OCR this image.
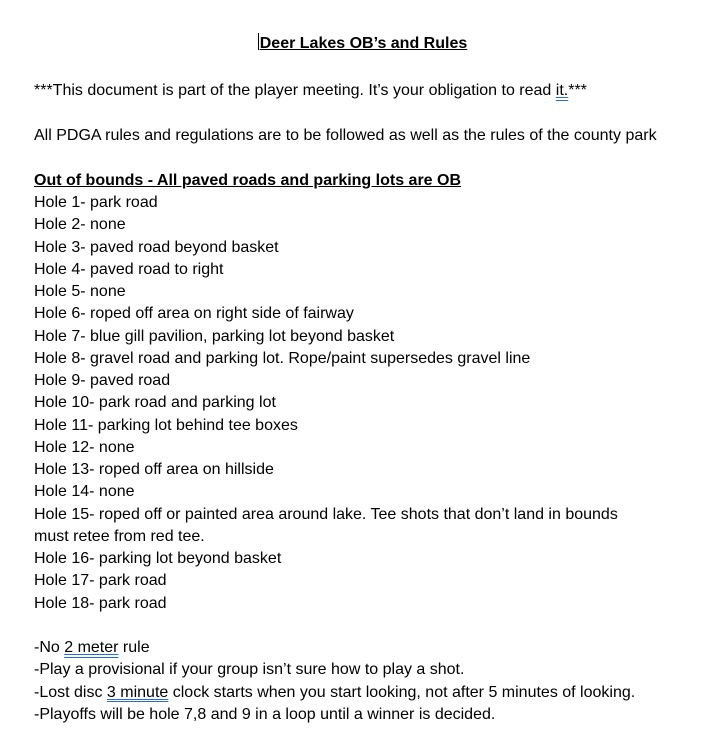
Deer Lakes OB’s and Rules
***This document is part of the player meeting. It’s your obligation to read it.***
All PDGA rules and regulations are to be followed as well as the rules of the county park
Out of bounds - All paved roads and parking lots are OB
Hole 1- park road
Hole 2- none
Hole 3- paved road beyond basket
Hole 4- paved road to right
Hole 5- none
Hole 6- roped off area on right side of fairway
Hole 7- blue gill pavilion, parking lot beyond basket
Hole 8- gravel road and parking lot. Rope/paint supersedes gravel line
Hole 9- paved road
Hole 10- park road and parking lot
Hole 11- parking lot behind tee boxes
Hole 12- none
Hole 13- roped off area on hillside
Hole 14- none
Hole 15- roped off or painted area around lake. Tee shots that don’t land in bounds
must retee from red tee.
Hole 16- parking lot beyond basket
Hole 17- park road
Hole 18- park road
-No 2 meter rule
-Play a provisional if your group isn’t sure how to play a shot.
-Lost disc 3 minute clock starts when you start looking, not after 5 minutes of looking.
-Playoffs will be hole 7,8 and 9 in a loop until a winner is decided.
